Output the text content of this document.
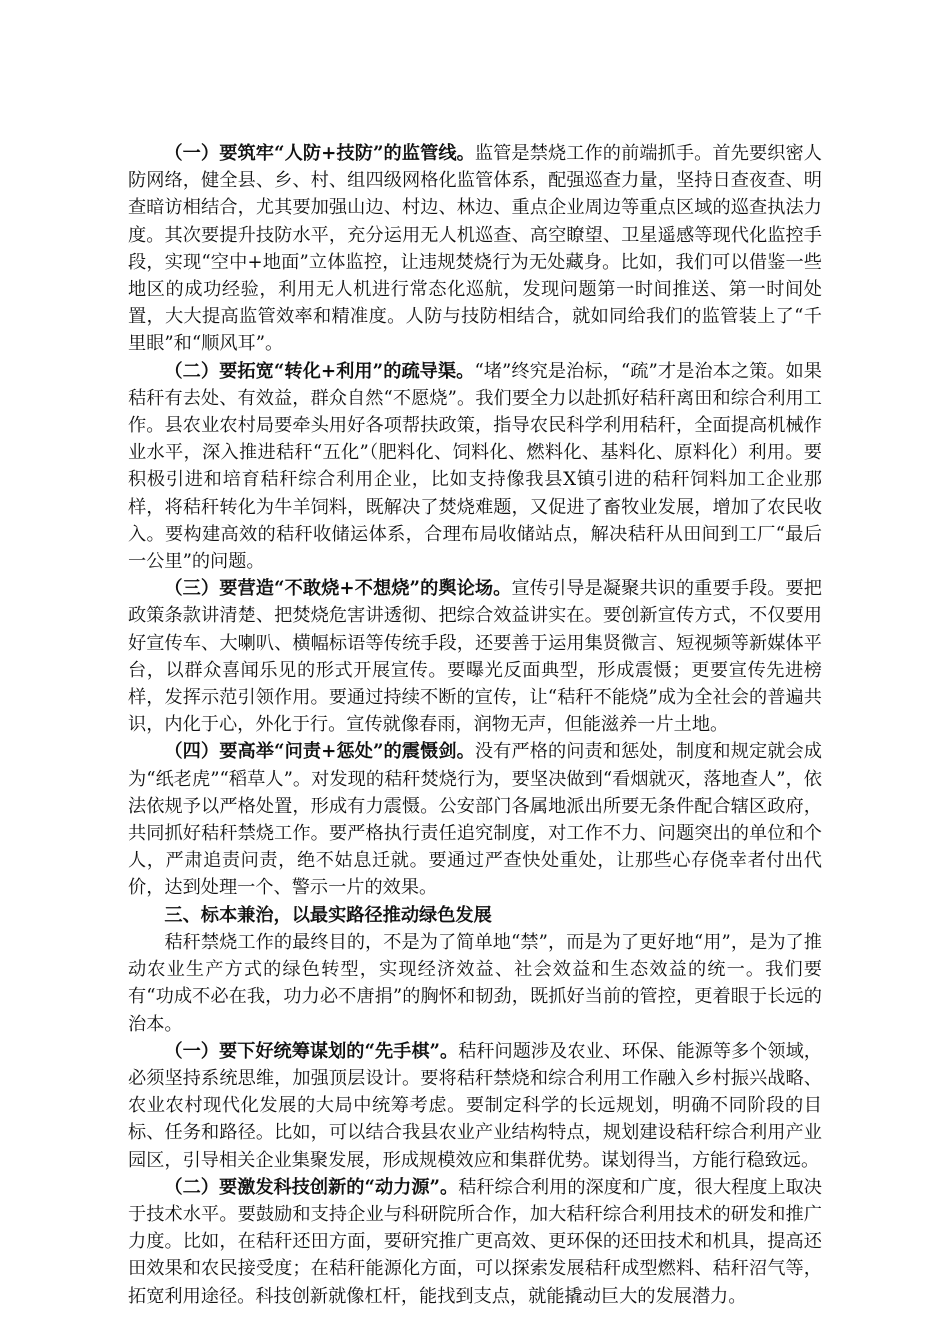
（一）要筑牢“人防+技防”的监管线。监管是禁烧工作的前端抓手。首先要织密人防网络，健全县、乡、村、组四级网格化监管体系，配强巡查力量，坚持日查夜查、明查暗访相结合，尤其要加强山边、村边、林边、重点企业周边等重点区域的巡查执法力度。其次要提升技防水平，充分运用无人机巡查、高空瞭望、卫星遥感等现代化监控手段，实现“空中+地面”立体监控，让违规焚烧行为无处藏身。比如，我们可以借鉴一些地区的成功经验，利用无人机进行常态化巡航，发现问题第一时间推送、第一时间处置，大大提高监管效率和精准度。人防与技防相结合，就如同给我们的监管装上了“千里眼”和“顺风耳”。

（二）要拓宽“转化+利用”的疏导渠。“堵”终究是治标，“疏”才是治本之策。如果秸秆有去处、有效益，群众自然“不愿烧”。我们要全力以赴抓好秸秆离田和综合利用工作。县农业农村局要牵头用好各项帮扶政策，指导农民科学利用秸秆，全面提高机械作业水平，深入推进秸秆“五化”（肥料化、饲料化、燃料化、基料化、原料化）利用。要积极引进和培育秸秆综合利用企业，比如支持像我县X镇引进的秸秆饲料加工企业那样，将秸秆转化为牛羊饲料，既解决了焚烧难题，又促进了畜牧业发展，增加了农民收入。要构建高效的秸秆收储运体系，合理布局收储站点，解决秸秆从田间到工厂“最后一公里”的问题。

（三）要营造“不敢烧+不想烧”的舆论场。宣传引导是凝聚共识的重要手段。要把政策条款讲清楚、把焚烧危害讲透彻、把综合效益讲实在。要创新宣传方式，不仅要用好宣传车、大喇叭、横幅标语等传统手段，还要善于运用集贤微言、短视频等新媒体平台，以群众喜闻乐见的形式开展宣传。要曝光反面典型，形成震慑；更要宣传先进榜样，发挥示范引领作用。要通过持续不断的宣传，让“秸秆不能烧”成为全社会的普遍共识，内化于心，外化于行。宣传就像春雨，润物无声，但能滋养一片土地。

（四）要高举“问责+惩处”的震慑剑。没有严格的问责和惩处，制度和规定就会成为“纸老虎”“稻草人”。对发现的秸秆焚烧行为，要坚决做到“看烟就灭，落地查人”，依法依规予以严格处置，形成有力震慑。公安部门各属地派出所要无条件配合辖区政府，共同抓好秸秆禁烧工作。要严格执行责任追究制度，对工作不力、问题突出的单位和个人，严肃追责问责，绝不姑息迁就。要通过严查快处重处，让那些心存侥幸者付出代价，达到处理一个、警示一片的效果。

三、标本兼治，以最实路径推动绿色发展

秸秆禁烧工作的最终目的，不是为了简单地“禁”，而是为了更好地“用”，是为了推动农业生产方式的绿色转型，实现经济效益、社会效益和生态效益的统一。我们要有“功成不必在我，功力必不唐捐”的胸怀和韧劲，既抓好当前的管控，更着眼于长远的治本。

（一）要下好统筹谋划的“先手棋”。秸秆问题涉及农业、环保、能源等多个领域，必须坚持系统思维，加强顶层设计。要将秸秆禁烧和综合利用工作融入乡村振兴战略、农业农村现代化发展的大局中统筹考虑。要制定科学的长远规划，明确不同阶段的目标、任务和路径。比如，可以结合我县农业产业结构特点，规划建设秸秆综合利用产业园区，引导相关企业集聚发展，形成规模效应和集群优势。谋划得当，方能行稳致远。

（二）要激发科技创新的“动力源”。秸秆综合利用的深度和广度，很大程度上取决于技术水平。要鼓励和支持企业与科研院所合作，加大秸秆综合利用技术的研发和推广力度。比如，在秸秆还田方面，要研究推广更高效、更环保的还田技术和机具，提高还田效果和农民接受度；在秸秆能源化方面，可以探索发展秸秆成型燃料、秸秆沼气等，拓宽利用途径。科技创新就像杠杆，能找到支点，就能撬动巨大的发展潜力。
